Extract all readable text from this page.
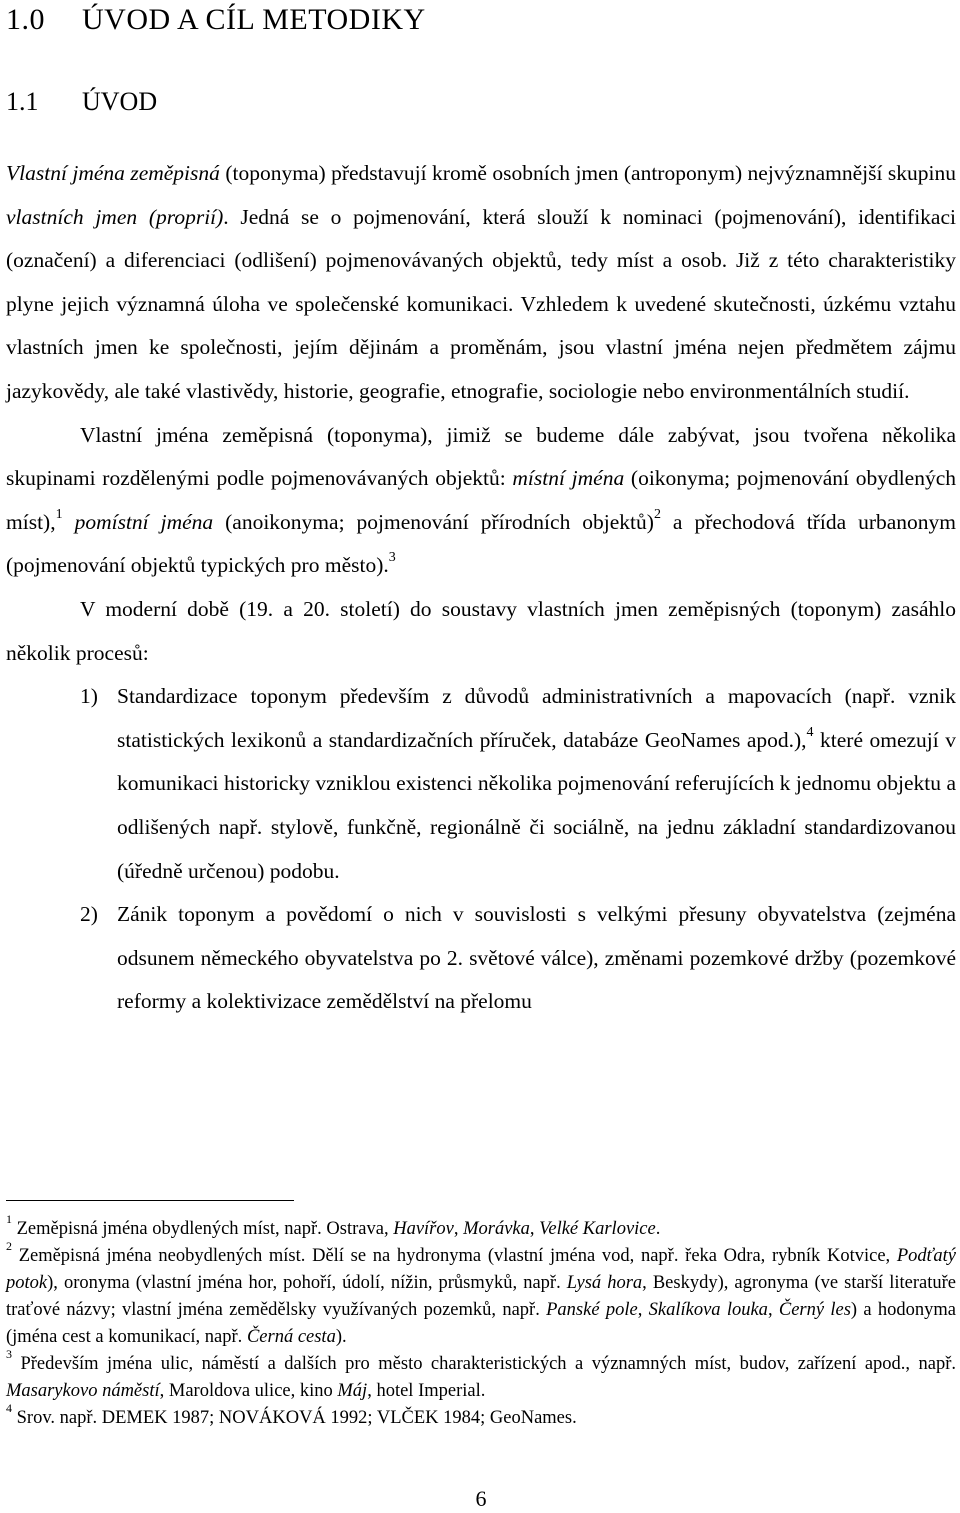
1.0 ÚVOD A CÍL METODIKY
1.1 ÚVOD

Vlastní jména zeměpisná (toponyma) představují kromě osobních jmen (antroponym) nejvýznamnější skupinu vlastních jmen (proprií). Jedná se o pojmenování, která slouží k nominaci (pojmenování), identifikaci (označení) a diferenciaci (odlišení) pojmenovávaných objektů, tedy míst a osob. Již z této charakteristiky plyne jejich významná úloha ve společenské komunikaci. Vzhledem k uvedené skutečnosti, úzkému vztahu vlastních jmen ke společnosti, jejím dějinám a proměnám, jsou vlastní jména nejen předmětem zájmu jazykovědy, ale také vlastivědy, historie, geografie, etnografie, sociologie nebo environmentálních studií.

Vlastní jména zeměpisná (toponyma), jimiž se budeme dále zabývat, jsou tvořena několika skupinami rozdělenými podle pojmenovávaných objektů: místní jména (oikonyma; pojmenování obydlených míst),$^1$ pomístní jména (anoikonyma; pojmenování přírodních objektů)$^2$ a přechodová třída urbanonym (pojmenování objektů typických pro město).$^3$

V moderní době (19. a 20. století) do soustavy vlastních jmen zeměpisných (toponym) zasáhlo několik procesů:

1) Standardizace toponym především z důvodů administrativních a mapovacích (např. vznik statistických lexikonů a standardizačních příruček, databáze GeoNames apod.),$^4$ které omezují v komunikaci historicky vzniklou existenci několika pojmenování referujících k jednomu objektu a odlišených např. stylově, funkčně, regionálně či sociálně, na jednu základní standardizovanou (úředně určenou) podobu.
2) Zánik toponym a povědomí o nich v souvislosti s velkými přesuny obyvatelstva (zejména odsunem německého obyvatelstva po 2. světové válce), změnami pozemkové držby (pozemkové reformy a kolektivizace zemědělství na přelomu

$^1$ Zeměpisná jména obydlených míst, např. Ostrava, Havířov, Morávka, Velké Karlovice.

$^2$ Zeměpisná jména neobydlených míst. Dělí se na hydronyma (vlastní jména vod, např. řeka Odra, rybník Kotvice, Podťatý potok), oronyma (vlastní jména hor, pohoří, údolí, nížin, průsmyků, např. Lysá hora, Beskydy), agronyma (ve starší literatuře traťové názvy; vlastní jména zemědělsky využívaných pozemků, např. Panské pole, Skalíkova louka, Černý les) a hodonyma (jména cest a komunikací, např. Černá cesta).

$^3$ Především jména ulic, náměstí a dalších pro město charakteristických a významných míst, budov, zařízení apod., např. Masarykovo náměstí, Maroldova ulice, kino Máj, hotel Imperial.

$^4$ Srov. např. DEMEK 1987; NOVÁKOVÁ 1992; VLČEK 1984; GeoNames.

6
